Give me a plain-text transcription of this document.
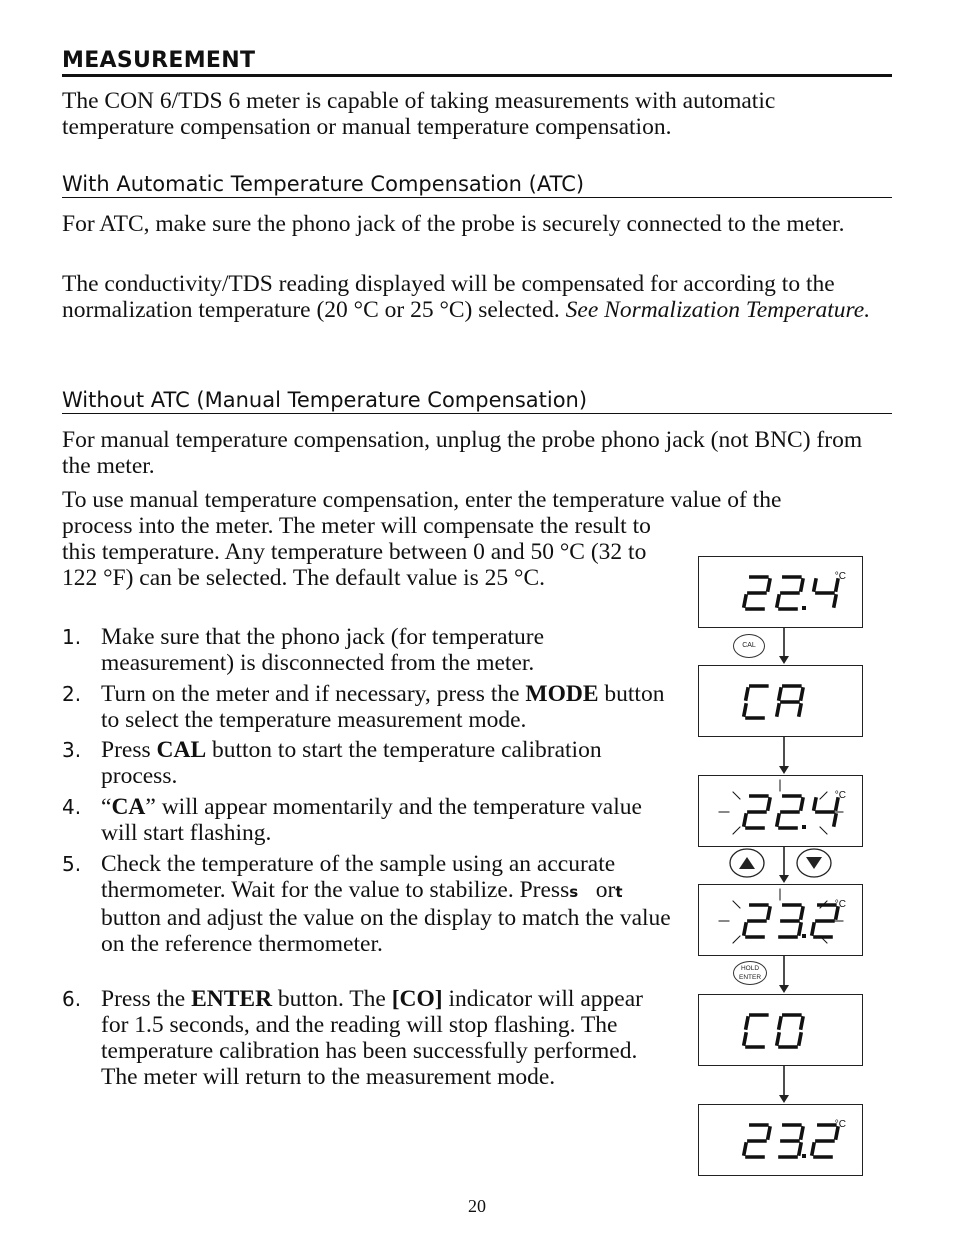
MEASUREMENT
The CON 6/TDS 6 meter is capable of taking measurements with automatic temperature compensation or manual temperature compensation.
With Automatic Temperature Compensation (ATC)
For ATC, make sure the phono jack of the probe is securely connected to the meter.
The conductivity/TDS reading displayed will be compensated for according to the normalization temperature (20 °C or 25 °C) selected. See Normalization Temperature.
Without ATC (Manual Temperature Compensation)
For manual temperature compensation, unplug the probe phono jack (not BNC) from the meter.
To use manual temperature compensation, enter the temperature value of the
process into the meter. The meter will compensate the result to this temperature. Any temperature between 0 and 50 °C (32 to 122 °F) can be selected. The default value is 25 °C.
1. Make sure that the phono jack (for temperature measurement) is disconnected from the meter.
2. Turn on the meter and if necessary, press the MODE button to select the temperature measurement mode.
3. Press CAL button to start the temperature calibration process.
4. “CA” will appear momentarily and the temperature value will start flashing.
5. Check the temperature of the sample using an accurate thermometer. Wait for the value to stabilize. Presss ort   button and adjust the value on the display to match the value on the reference thermometer.
6. Press the ENTER button. The [CO] indicator will appear for 1.5 seconds, and the reading will stop flashing. The temperature calibration has been successfully performed. The meter will return to the measurement mode.
°C
°C
°C
°C
CAL
HOLD
ENTER
20
